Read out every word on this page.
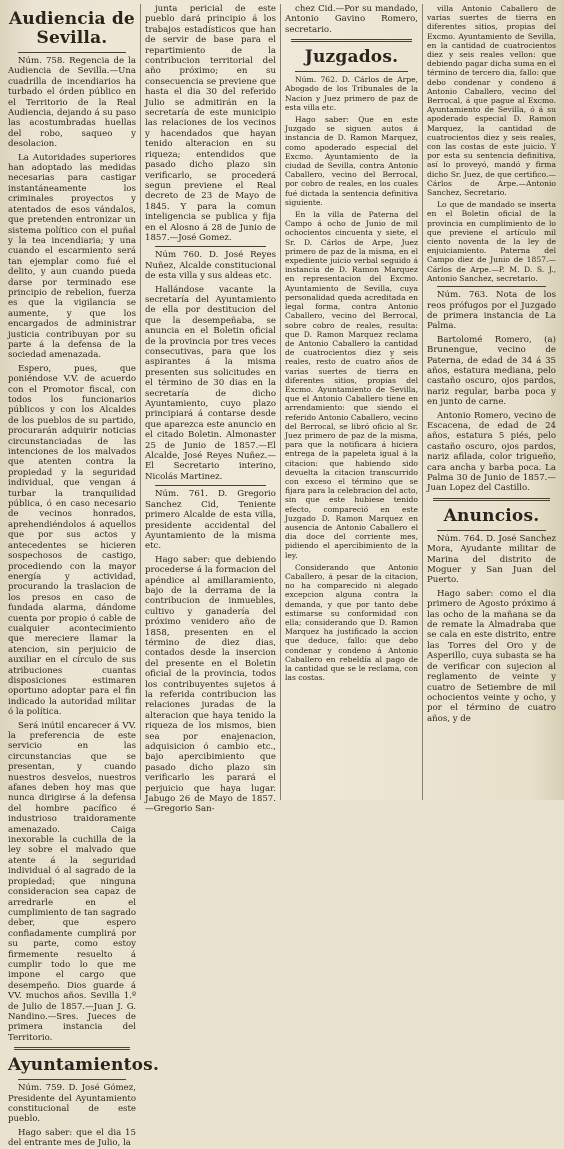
Audiencia de Sevilla.

Núm. 758. Regencia de la Audiencia de Sevilla.—Una cuadrilla de incendiarios ha turbado el órden público en el Territorio de la Real Audiencia, dejando á su paso las acostumbradas huellas del robo, saqueo y desolacion.

La Autoridades superiores han adoptado las medidas necesarias para castigar instantáneamente los criminales proyectos y atentados de esos vándalos, que pretenden entronizar un sistema político con el puñal y la tea incendiaria; y una cuando el escarmiento será tan ejemplar como fué el delito, y aun cuando pueda darse por terminado ese principio de rebelion, fuerza es que la vigilancia se aumente, y que los encargados de administrar justicia contribuyan por su parte á la defensa de la sociedad amenazada.

Espero, pues, que poniéndose V.V. de acuerdo con el Promotor fiscal, con todos los funcionarios públicos y con los Alcaldes de los pueblos de su partido, procurarán adquirir noticias circunstanciadas de las intenciones de los malvados que atenten contra la propiedad y la seguridad individual, que vengan á turbar la tranquilidad pública, ó en caso necesario de vecinos honrados, aprehendiéndolos á aquellos que por sus actos y antecedentes se hicieren sospechosos de castigo, procediendo con la mayor energía y actividad, procurando la traslacion de los presos en caso de fundada alarma, dándome cuenta por propio ó cable de cualquier acontecimiento que mereciere llamar la atencion, sin perjuicio de auxiliar en el círculo de sus atribuciones cuantas disposiciones estimaren oportuno adoptar para el fin indicado la autoridad militar ó la política.

Será inútil encarecer á VV. la preferencia de este servicio en las circunstancias que se presentan, y cuando nuestros desvelos, nuestros afanes deben hoy mas que nunca dirigirse á la defensa del hombre pacífico é industrioso traidoramente amenazado. Caiga inexorable la cuchilla de la ley sobre el malvado que atente á la seguridad individual ó al sagrado de la propiedad; que ninguna consideracion sea capaz de arredrarle en el cumplimiento de tan sagrado deber, que espero confiadamente cumplirá por su parte, como estoy firmemente resuelto á cumplir todo lo que me impone el cargo que desempeño. Dios guarde á VV. muchos años. Sevilla 1.º de Julio de 1857.—Juan J. G. Nandino.—Sres. Jueces de primera instancia del Territorio.

Ayuntamientos.

Núm. 759. D. José Gómez, Presidente del Ayuntamiento constitucional de este pueblo.

Hago saber: que el dia 15 del entrante mes de Julio, la

junta pericial de este pueblo dará principio á los trabajos estadísticos que han de servir de base para el repartimiento de la contribucion territorial del año próximo; en su consecuencia se previene que hasta el dia 30 del referido Julio se admitirán en la secretaría de este municipio las relaciones de los vecinos y hacendados que hayan tenido alteracion en su riqueza; entendidos que pasado dicho plazo sin verificarlo, se procederá segun previene el Real decreto de 23 de Mayo de 1845. Y para la comun inteligencia se publica y fija en el Alosno á 28 de Junio de 1857.—José Gomez.

Núm 760. D. José Reyes Nuñez, Alcalde constitucional de esta villa y sus aldeas etc.

Hallándose vacante la secretaría del Ayuntamiento de ella por destitucion del que la desempeñaba, se anuncia en el Boletin oficial de la provincia por tres veces consecutivas, para que los aspirantes á la misma presenten sus solicitudes en el término de 30 dias en la secretaría de dicho Ayuntamiento, cuyo plazo principiará á contarse desde que aparezca este anuncio en el citado Boletin. Almonaster 25 de Junio de 1857.—El Alcalde, José Reyes Nuñez.—El Secretario interino, Nicolás Martinez.

Núm. 761. D. Gregorio Sanchez Cid, Teniente primero Alcalde de esta villa, presidente accidental del Ayuntamiento de la misma etc.

Hago saber: que debiendo procederse á la formacion del apéndice al amillaramiento, bajo de la derrama de la contribucion de inmuebles, cultivo y ganadería del próximo venidero año de 1858, presenten en el término de diez dias, contados desde la insercion del presente en el Boletin oficial de la provincia, todos los contribuyentes sujetos á la referida contribucion las relaciones juradas de la alteracion que haya tenido la riqueza de los mismos, bien sea por enajenacion, adquisicion ó cambio etc., bajo apercibimiento que pasado dicho plazo sin verificarlo les parará el perjuicio que haya lugar. Jabugo 26 de Mayo de 1857.—Gregorio San-

chez Cid.—Por su mandado, Antonio Gavino Romero, secretario.

Juzgados.

Núm. 762. D. Cárlos de Arpe, Abogado de los Tribunales de la Nacion y Juez primero de paz de esta villa etc.

Hago saber: Que en este Juzgado se siguen autos á instancia de D. Ramon Marquez, como apoderado especial del Excmo. Ayuntamiento de la ciudad de Sevilla, contra Antonio Caballero, vecino del Berrocal, por cobro de reales, en los cuales fué dictada la sentencia definitiva siguiente.

En la villa de Paterna del Campo á ocho de Junio de mil ochocientos cincuenta y siete, el Sr. D. Cárlos de Arpe, Juez primero de paz de la misma, en el expediente juicio verbal seguido á instancia de D. Ramon Marquez en representacion del Excmo. Ayuntamiento de Sevilla, cuya personalidad queda acreditada en legal forma, contra Antonio Caballero, vecino del Berrocal, sobre cobro de reales, resulta: que D. Ramon Marquez reclama de Antonio Caballero la cantidad de cuatrocientos diez y seis reales, resto de cuatro años de varias suertes de tierra en diferentes sitios, propias del Excmo. Ayuntamiento de Sevilla, que el Antonio Caballero tiene en arrendamiento: que siendo el referido Antonio Caballero, vecino del Berrocal, se libró oficio al Sr. Juez primero de paz de la misma, para que la notificara á hiciera entrega de la papeleta igual á la citacion: que habiendo sido devuelta la citacion transcurrido con exceso el término que se fijara para la celebracion del acto, sin que este hubiese tenido efecto, compareció en este Juzgado D. Ramon Marquez en ausencia de Antonio Caballero el dia doce del corriente mes, pidiendo el apercibimiento de la ley.

Considerando que Antonio Caballero, á pesar de la citacion, no ha comparecido ni alegado excepcion alguna contra la demanda, y que por tanto debe estimarse su conformidad con ella; considerando que D. Ramon Marquez ha justificado la accion que deduce, fallo: que debo condenar y condeno á Antonio Caballero en rebeldía al pago de la cantidad que se le reclama, con las costas.

villa Antonio Caballero de varias suertes de tierra en diferentes sitios, propias del Excmo. Ayuntamiento de Sevilla, en la cantidad de cuatrocientos diez y seis reales vellon: que debiendo pagar dicha suma en el término de tercero dia, fallo: que debo condenar y condeno á Antonio Caballero, vecino del Berrocal, á que pague al Excmo. Ayuntamiento de Sevilla, ó á su apoderado especial D. Ramon Marquez, la cantidad de cuatrocientos diez y seis reales, con las costas de este juicio. Y por esta su sentencia definitiva, así lo proveyó, mandó y firma dicho Sr. Juez, de que certifico.—Cárlos de Arpe.—Antonio Sanchez, Secretario.

Lo que de mandado se inserta en el Boletin oficial de la provincia en cumplimiento de lo que previene el artículo mil ciento noventa de la ley de enjuiciamiento. Paterna del Campo diez de Junio de 1857.—Cárlos de Arpe.—P. M. D. S. J., Antonio Sanchez, secretario.

Núm. 763. Nota de los reos prófugos por el Juzgado de primera instancia de La Palma.

Bartolomé Romero, (a) Brunengue, vecino de Paterna, de edad de 34 á 35 años, estatura mediana, pelo castaño oscuro, ojos pardos, nariz regular, barba poca y en junto de carne.

Antonio Romero, vecino de Escacena, de edad de 24 años, estatura 5 piés, pelo castaño oscuro, ojos pardos, nariz afilada, color trigueño, cara ancha y barba poca. La Palma 30 de Junio de 1857.—Juan Lopez del Castillo.

Anuncios.

Núm. 764. D. José Sanchez Mora, Ayudante militar de Marina del distrito de Moguer y San Juan del Puerto.

Hago saber: como el dia primero de Agosto próximo á las ocho de la mañana se da de remate la Almadraba que se cala en este distrito, entre las Torres del Oro y de Asperillo, cuya subasta se ha de verificar con sujecion al reglamento de veinte y cuatro de Setiembre de mil ochocientos veinte y ocho, y por el término de cuatro años, y de
